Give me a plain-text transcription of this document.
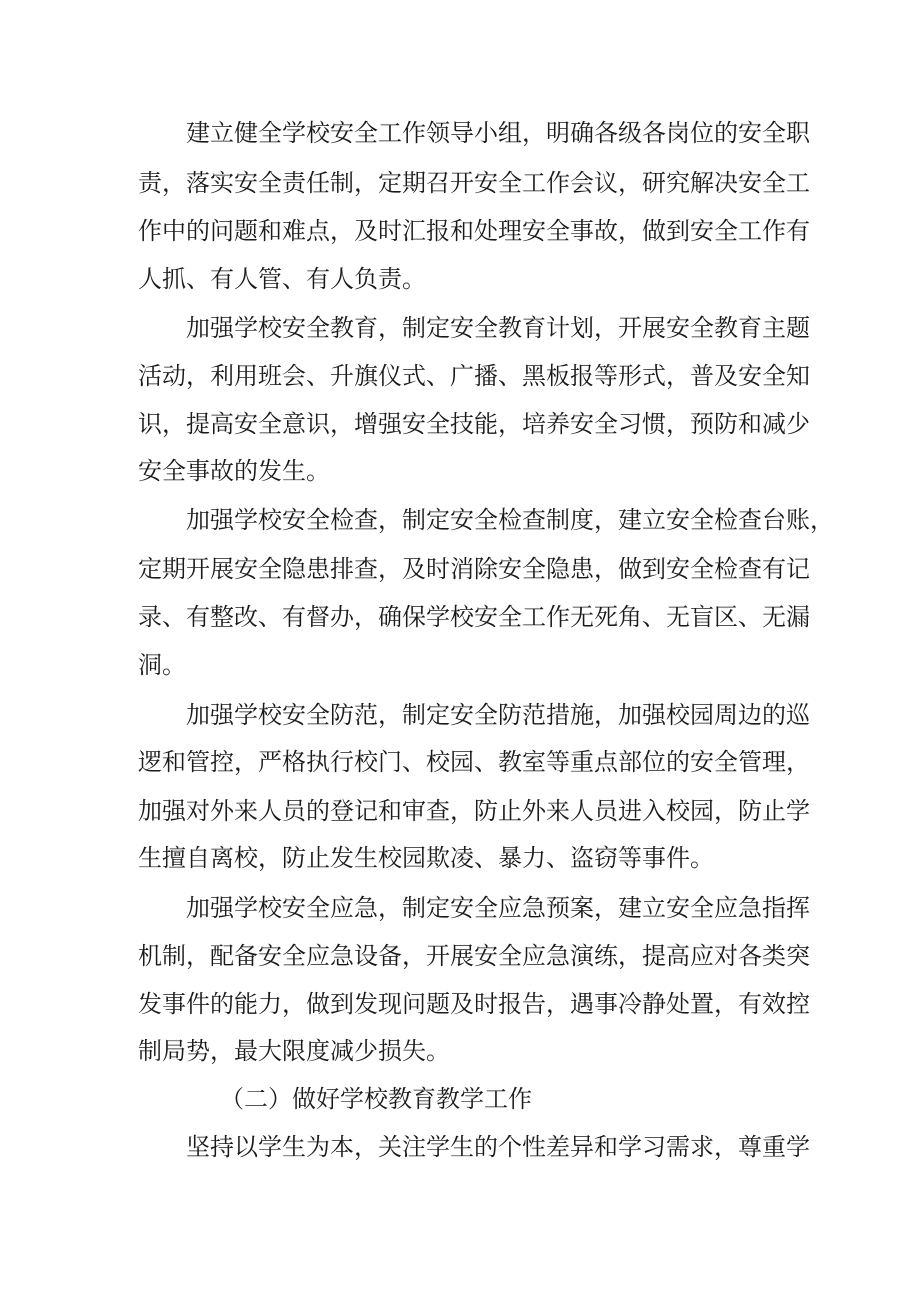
建立健全学校安全工作领导小组，明确各级各岗位的安全职
责，落实安全责任制，定期召开安全工作会议，研究解决安全工
作中的问题和难点，及时汇报和处理安全事故，做到安全工作有
人抓、有人管、有人负责。
加强学校安全教育，制定安全教育计划，开展安全教育主题
活动，利用班会、升旗仪式、广播、黑板报等形式，普及安全知
识，提高安全意识，增强安全技能，培养安全习惯，预防和减少
安全事故的发生。
加强学校安全检查，制定安全检查制度，建立安全检查台账，
定期开展安全隐患排查，及时消除安全隐患，做到安全检查有记
录、有整改、有督办，确保学校安全工作无死角、无盲区、无漏
洞。
加强学校安全防范，制定安全防范措施，加强校园周边的巡
逻和管控，严格执行校门、校园、教室等重点部位的安全管理，
加强对外来人员的登记和审查，防止外来人员进入校园，防止学
生擅自离校，防止发生校园欺凌、暴力、盗窃等事件。
加强学校安全应急，制定安全应急预案，建立安全应急指挥
机制，配备安全应急设备，开展安全应急演练，提高应对各类突
发事件的能力，做到发现问题及时报告，遇事冷静处置，有效控
制局势，最大限度减少损失。
（二）做好学校教育教学工作
坚持以学生为本，关注学生的个性差异和学习需求，尊重学
